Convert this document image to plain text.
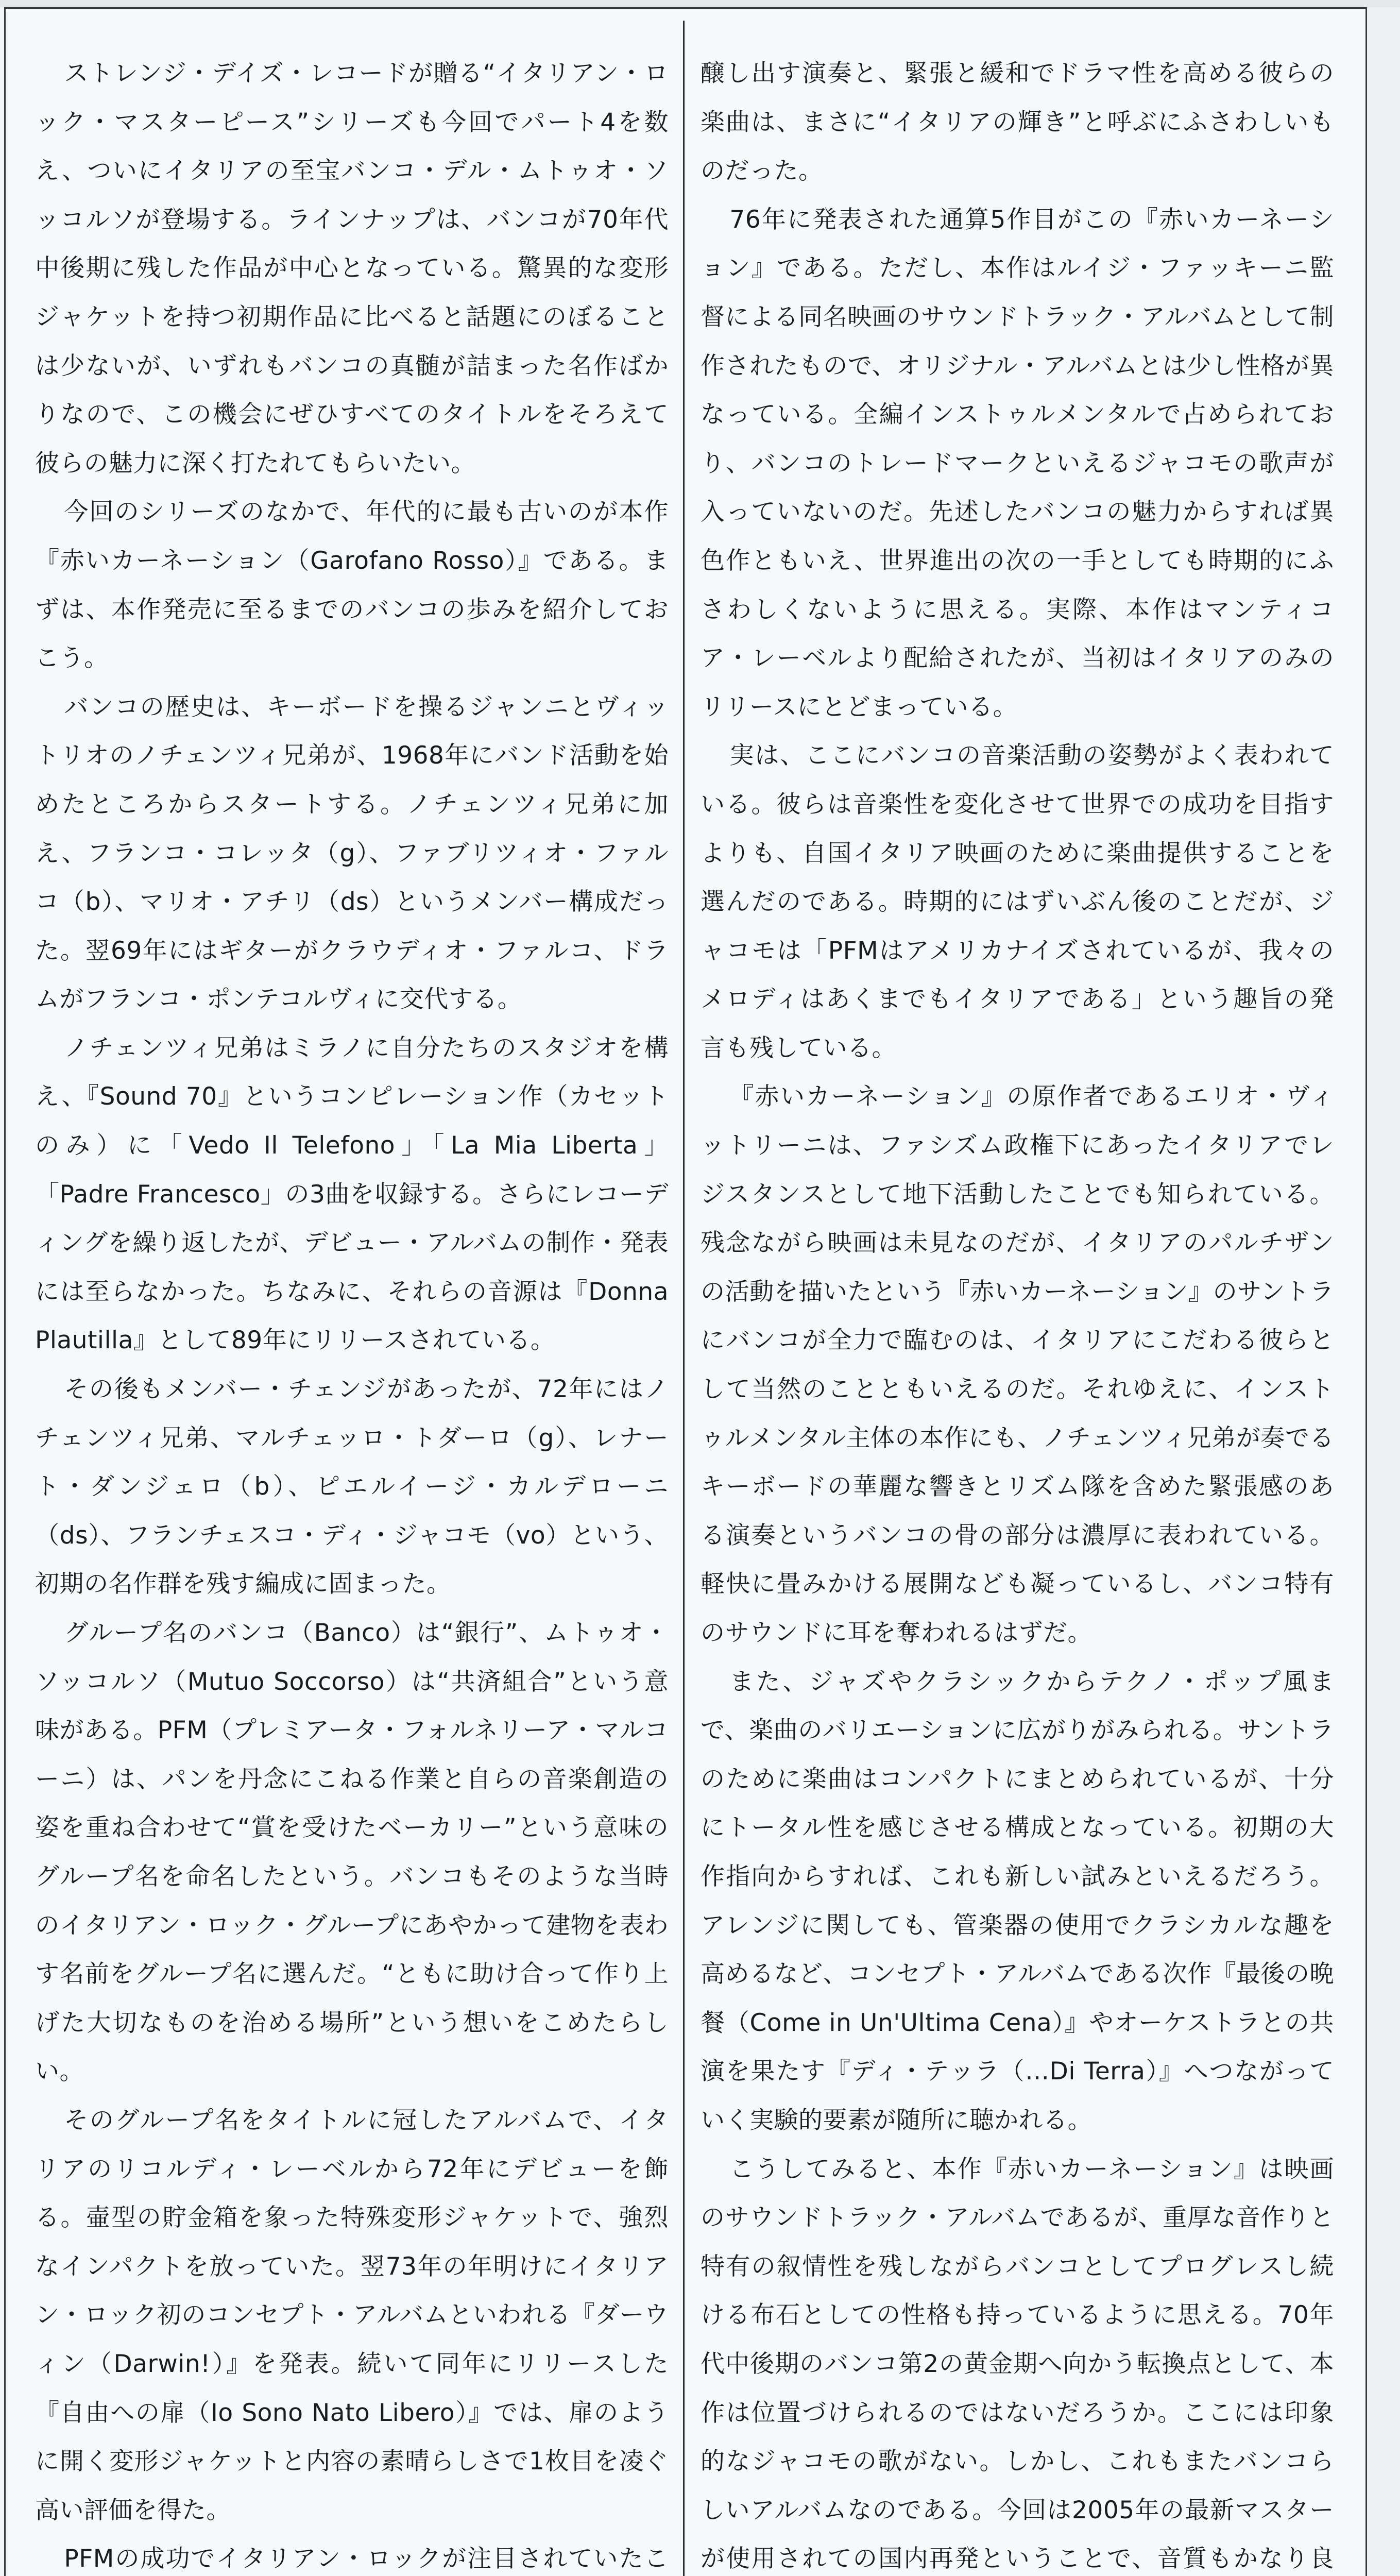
ストレンジ・デイズ・レコードが贈る“イタリアン・ロック・マスターピース”シリーズも今回でパート4を数え、ついにイタリアの至宝バンコ・デル・ムトゥオ・ソッコルソが登場する。ラインナップは、バンコが70年代中後期に残した作品が中心となっている。驚異的な変形ジャケットを持つ初期作品に比べると話題にのぼることは少ないが、いずれもバンコの真髄が詰まった名作ばかりなので、この機会にぜひすべてのタイトルをそろえて彼らの魅力に深く打たれてもらいたい。

今回のシリーズのなかで、年代的に最も古いのが本作『赤いカーネーション（Garofano Rosso）』である。まずは、本作発売に至るまでのバンコの歩みを紹介しておこう。

バンコの歴史は、キーボードを操るジャンニとヴィットリオのノチェンツィ兄弟が、1968年にバンド活動を始めたところからスタートする。ノチェンツィ兄弟に加え、フランコ・コレッタ（g）、ファブリツィオ・ファルコ（b）、マリオ・アチリ（ds）というメンバー構成だった。翌69年にはギターがクラウディオ・ファルコ、ドラムがフランコ・ポンテコルヴィに交代する。

ノチェンツィ兄弟はミラノに自分たちのスタジオを構え、『Sound 70』というコンピレーション作（カセットのみ）に「Vedo Il Telefono」「La Mia Liberta」「Padre Francesco」の3曲を収録する。さらにレコーディングを繰り返したが、デビュー・アルバムの制作・発表には至らなかった。ちなみに、それらの音源は『Donna Plautilla』として89年にリリースされている。

その後もメンバー・チェンジがあったが、72年にはノチェンツィ兄弟、マルチェッロ・トダーロ（g）、レナート・ダンジェロ（b）、ピエルイージ・カルデローニ（ds）、フランチェスコ・ディ・ジャコモ（vo）という、初期の名作群を残す編成に固まった。

グループ名のバンコ（Banco）は“銀行”、ムトゥオ・ソッコルソ（Mutuo Soccorso）は“共済組合”という意味がある。PFM（プレミアータ・フォルネリーア・マルコーニ）は、パンを丹念にこねる作業と自らの音楽創造の姿を重ね合わせて“賞を受けたベーカリー”という意味のグループ名を命名したという。バンコもそのような当時のイタリアン・ロック・グループにあやかって建物を表わす名前をグループ名に選んだ。“ともに助け合って作り上げた大切なものを治める場所”という想いをこめたらしい。

そのグループ名をタイトルに冠したアルバムで、イタリアのリコルディ・レーベルから72年にデビューを飾る。壷型の貯金箱を象った特殊変形ジャケットで、強烈なインパクトを放っていた。翌73年の年明けにイタリアン・ロック初のコンセプト・アルバムといわれる『ダーウィン（Darwin!）』を発表。続いて同年にリリースした『自由への扉（Io Sono Nato Libero）』では、扉のように開く変形ジャケットと内容の素晴らしさで1枚目を凌ぐ高い評価を得た。

PFMの成功でイタリアン・ロックが注目されていたこ

醸し出す演奏と、緊張と緩和でドラマ性を高める彼らの楽曲は、まさに“イタリアの輝き”と呼ぶにふさわしいものだった。

76年に発表された通算5作目がこの『赤いカーネーション』である。ただし、本作はルイジ・ファッキーニ監督による同名映画のサウンドトラック・アルバムとして制作されたもので、オリジナル・アルバムとは少し性格が異なっている。全編インストゥルメンタルで占められており、バンコのトレードマークといえるジャコモの歌声が入っていないのだ。先述したバンコの魅力からすれば異色作ともいえ、世界進出の次の一手としても時期的にふさわしくないように思える。実際、本作はマンティコア・レーベルより配給されたが、当初はイタリアのみのリリースにとどまっている。

実は、ここにバンコの音楽活動の姿勢がよく表われている。彼らは音楽性を変化させて世界での成功を目指すよりも、自国イタリア映画のために楽曲提供することを選んだのである。時期的にはずいぶん後のことだが、ジャコモは「PFMはアメリカナイズされているが、我々のメロディはあくまでもイタリアである」という趣旨の発言も残している。

『赤いカーネーション』の原作者であるエリオ・ヴィットリーニは、ファシズム政権下にあったイタリアでレジスタンスとして地下活動したことでも知られている。残念ながら映画は未見なのだが、イタリアのパルチザンの活動を描いたという『赤いカーネーション』のサントラにバンコが全力で臨むのは、イタリアにこだわる彼らとして当然のことともいえるのだ。それゆえに、インストゥルメンタル主体の本作にも、ノチェンツィ兄弟が奏でるキーボードの華麗な響きとリズム隊を含めた緊張感のある演奏というバンコの骨の部分は濃厚に表われている。軽快に畳みかける展開なども凝っているし、バンコ特有のサウンドに耳を奪われるはずだ。

また、ジャズやクラシックからテクノ・ポップ風まで、楽曲のバリエーションに広がりがみられる。サントラのために楽曲はコンパクトにまとめられているが、十分にトータル性を感じさせる構成となっている。初期の大作指向からすれば、これも新しい試みといえるだろう。アレンジに関しても、管楽器の使用でクラシカルな趣を高めるなど、コンセプト・アルバムである次作『最後の晩餐（Come in Un'Ultima Cena）』やオーケストラとの共演を果たす『ディ・テッラ（…Di Terra）』へつながっていく実験的要素が随所に聴かれる。

こうしてみると、本作『赤いカーネーション』は映画のサウンドトラック・アルバムであるが、重厚な音作りと特有の叙情性を残しながらバンコとしてプログレスし続ける布石としての性格も持っているように思える。70年代中後期のバンコ第2の黄金期へ向かう転換点として、本作は位置づけられるのではないだろうか。ここには印象的なジャコモの歌がない。しかし、これもまたバンコらしいアルバムなのである。今回は2005年の最新マスターが使用されての国内再発ということで、音質もかなり良
